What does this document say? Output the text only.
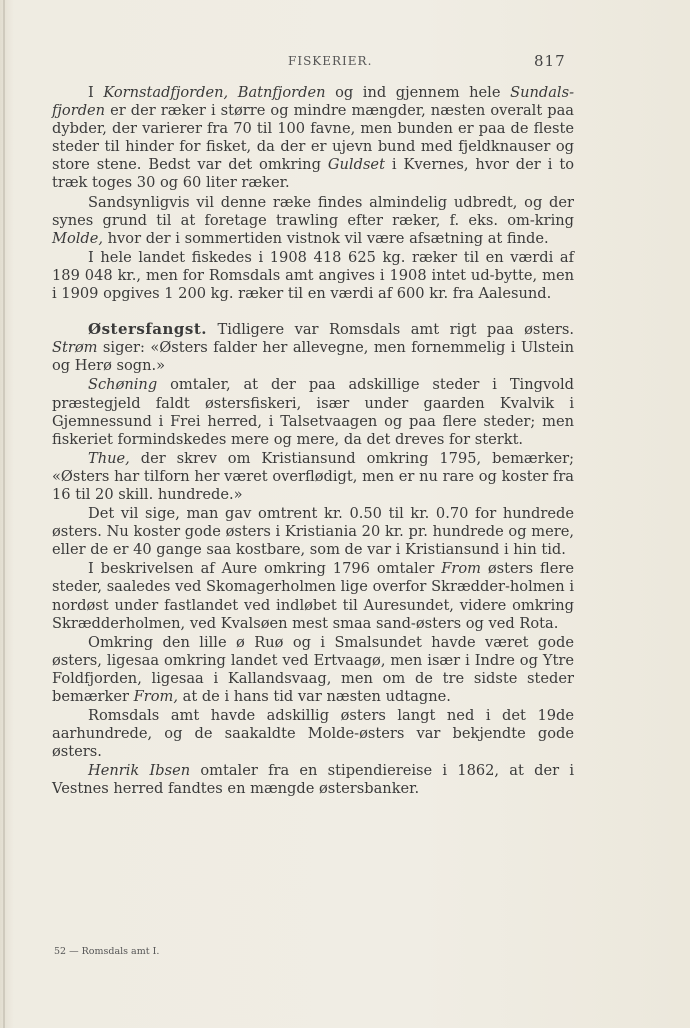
FISKERIER.	817

I Kornstadfjorden, Batnfjorden og ind gjennem hele Sundals-fjorden er der ræker i større og mindre mængder, næsten overalt paa dybder, der varierer fra 70 til 100 favne, men bunden er paa de fleste steder til hinder for fisket, da der er ujevn bund med fjeldknauser og store stene. Bedst var det omkring Guldset i Kvernes, hvor der i to træk toges 30 og 60 liter ræker.

Sandsynligvis vil denne ræke findes almindelig udbredt, og der synes grund til at foretage trawling efter ræker, f. eks. om-kring Molde, hvor der i sommertiden vistnok vil være afsætning at finde.

I hele landet fiskedes i 1908 418 625 kg. ræker til en værdi af 189 048 kr., men for Romsdals amt angives i 1908 intet ud-bytte, men i 1909 opgives 1 200 kg. ræker til en værdi af 600 kr. fra Aalesund.

Østersfangst. Tidligere var Romsdals amt rigt paa østers. Strøm siger: «Østers falder her allevegne, men fornemmelig i Ulstein og Herø sogn.»

Schøning omtaler, at der paa adskillige steder i Tingvold præstegjeld faldt østersfiskeri, især under gaarden Kvalvik i Gjemnessund i Frei herred, i Talsetvaagen og paa flere steder; men fiskeriet formindskedes mere og mere, da det dreves for sterkt.

Thue, der skrev om Kristiansund omkring 1795, bemærker; «Østers har tilforn her været overflødigt, men er nu rare og koster fra 16 til 20 skill. hundrede.»

Det vil sige, man gav omtrent kr. 0.50 til kr. 0.70 for hundrede østers. Nu koster gode østers i Kristiania 20 kr. pr. hundrede og mere, eller de er 40 gange saa kostbare, som de var i Kristiansund i hin tid.

I beskrivelsen af Aure omkring 1796 omtaler From østers flere steder, saaledes ved Skomagerholmen lige overfor Skrædder-holmen i nordøst under fastlandet ved indløbet til Auresundet, videre omkring Skrædderholmen, ved Kvalsøen mest smaa sand-østers og ved Rota.

Omkring den lille ø Ruø og i Smalsundet havde været gode østers, ligesaa omkring landet ved Ertvaagø, men især i Indre og Ytre Foldfjorden, ligesaa i Kallandsvaag, men om de tre sidste steder bemærker From, at de i hans tid var næsten udtagne.

Romsdals amt havde adskillig østers langt ned i det 19de aarhundrede, og de saakaldte Molde-østers var bekjendte gode østers.

Henrik Ibsen omtaler fra en stipendiereise i 1862, at der i Vestnes herred fandtes en mængde østersbanker.

52 — Romsdals amt I.
